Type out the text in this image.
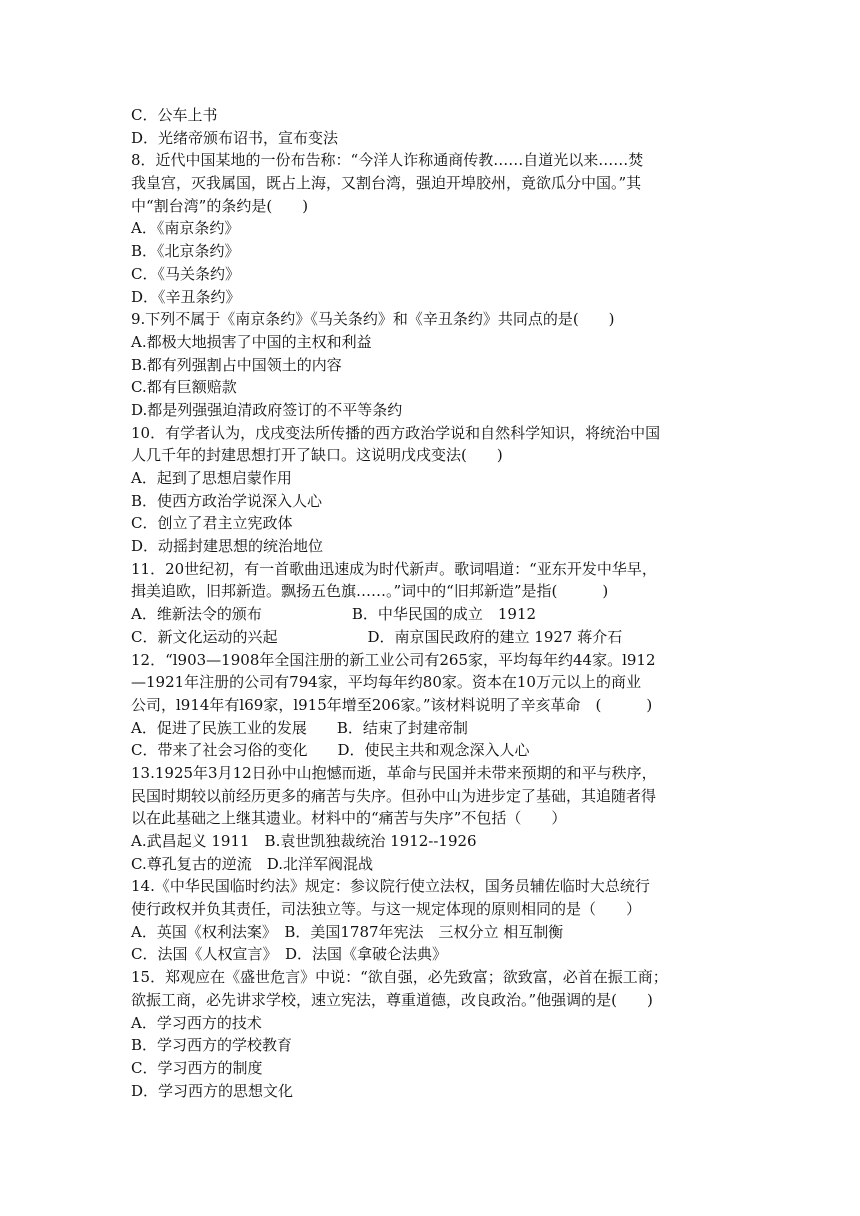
C．公车上书
D．光绪帝颁布诏书，宣布变法
8．近代中国某地的一份布告称：“今洋人诈称通商传教……自道光以来……焚
我皇宫，灭我属国，既占上海，又割台湾，强迫开埠胶州，竟欲瓜分中国。”其
中“割台湾”的条约是(　　)
A．《南京条约》
B．《北京条约》
C．《马关条约》
D．《辛丑条约》
9.下列不属于《南京条约》《马关条约》和《辛丑条约》共同点的是(　　)
A.都极大地损害了中国的主权和利益
B.都有列强割占中国领土的内容
C.都有巨额赔款
D.都是列强强迫清政府签订的不平等条约
10．有学者认为，戊戌变法所传播的西方政治学说和自然科学知识，将统治中国
人几千年的封建思想打开了缺口。这说明戊戌变法(　　)
A．起到了思想启蒙作用
B．使西方政治学说深入人心
C．创立了君主立宪政体
D．动摇封建思想的统治地位
11．20世纪初，有一首歌曲迅速成为时代新声。歌词唱道：“亚东开发中华早，
揖美追欧，旧邦新造。飘扬五色旗……。”词中的“旧邦新造”是指(　　　)
A．维新法令的颁布　　　　　　B．中华民国的成立　1912
C．新文化运动的兴起　　　　　　D．南京国民政府的建立 1927 蒋介石
12．“l903—1908年全国注册的新工业公司有265家，平均每年约44家。l912
—1921年注册的公司有794家，平均每年约80家。资本在10万元以上的商业
公司，l914年有l69家，l915年增至206家。”该材料说明了辛亥革命　(　　　)
A．促进了民族工业的发展　　B．结束了封建帝制
C．带来了社会习俗的变化　　D．使民主共和观念深入人心
13.1925年3月12日孙中山抱憾而逝，革命与民国并未带来预期的和平与秩序，
民国时期较以前经历更多的痛苦与失序。但孙中山为进步定了基础，其追随者得
以在此基础之上继其遗业。材料中的“痛苦与失序”不包括（　　）
A.武昌起义 1911　B.袁世凯独裁统治 1912--1926
C.尊孔复古的逆流　D.北洋军阀混战
14.《中华民国临时约法》规定：参议院行使立法权，国务员辅佐临时大总统行
使行政权并负其责任，司法独立等。与这一规定体现的原则相同的是（　　）
A．英国《权利法案》　B．美国1787年宪法　三权分立 相互制衡
C．法国《人权宣言》　D．法国《拿破仑法典》
15．郑观应在《盛世危言》中说：“欲自强，必先致富；欲致富，必首在振工商；
欲振工商，必先讲求学校，速立宪法，尊重道德，改良政治。”他强调的是(　　)
A．学习西方的技术
B．学习西方的学校教育
C．学习西方的制度
D．学习西方的思想文化
